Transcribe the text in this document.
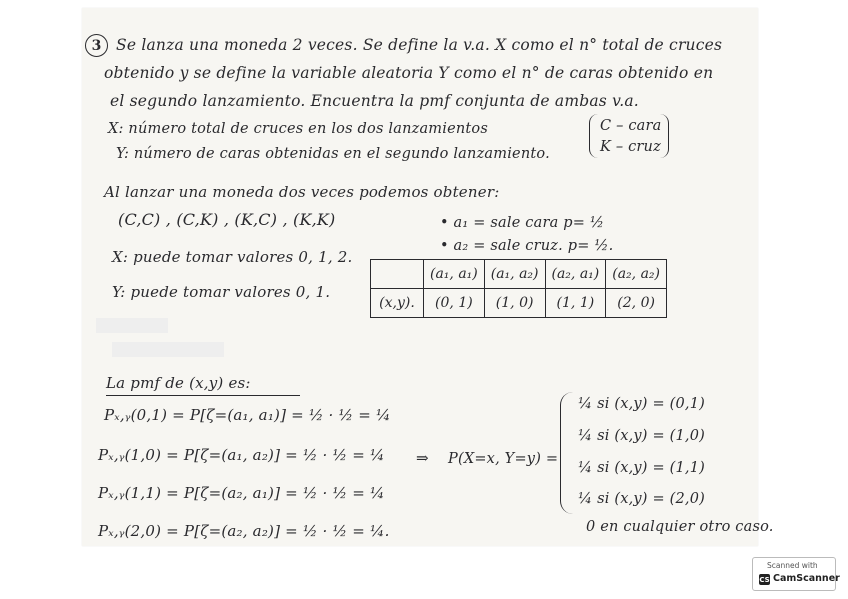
3 Se lanza una moneda 2 veces. Se define la v.a. X como el n° total de cruces
obtenido y se define la variable aleatoria Y como el n° de caras obtenido en
el segundo lanzamiento. Encuentra la pmf conjunta de ambas v.a.
X: número total de cruces en los dos lanzamientos
Y: número de caras obtenidas en el segundo lanzamiento.
C – cara
K – cruz
Al lanzar una moneda dos veces podemos obtener:
(C,C) , (C,K) , (K,C) , (K,K)	• a₁ = sale cara p= ½
• a₂ = sale cruz. p= ½.
X: puede tomar valores 0, 1, 2.
Y: puede tomar valores 0, 1.
	(a₁, a₁)	(a₁, a₂)	(a₂, a₁)	(a₂, a₂)
(x,y).	(0, 1)	(1, 0)	(1, 1)	(2, 0)
La pmf de (x,y) es:
Pₓ,ᵧ(0,1) = P[ζ=(a₁, a₁)] = ½ · ½ = ¼
Pₓ,ᵧ(1,0) = P[ζ=(a₁, a₂)] = ½ · ½ = ¼
Pₓ,ᵧ(1,1) = P[ζ=(a₂, a₁)] = ½ · ½ = ¼
Pₓ,ᵧ(2,0) = P[ζ=(a₂, a₂)] = ½ · ½ = ¼.
⇒ P(X=x, Y=y) =
¼ si (x,y) = (0,1)
¼ si (x,y) = (1,0)
¼ si (x,y) = (1,1)
¼ si (x,y) = (2,0)
0 en cualquier otro caso.
Scanned with
CS CamScanner
